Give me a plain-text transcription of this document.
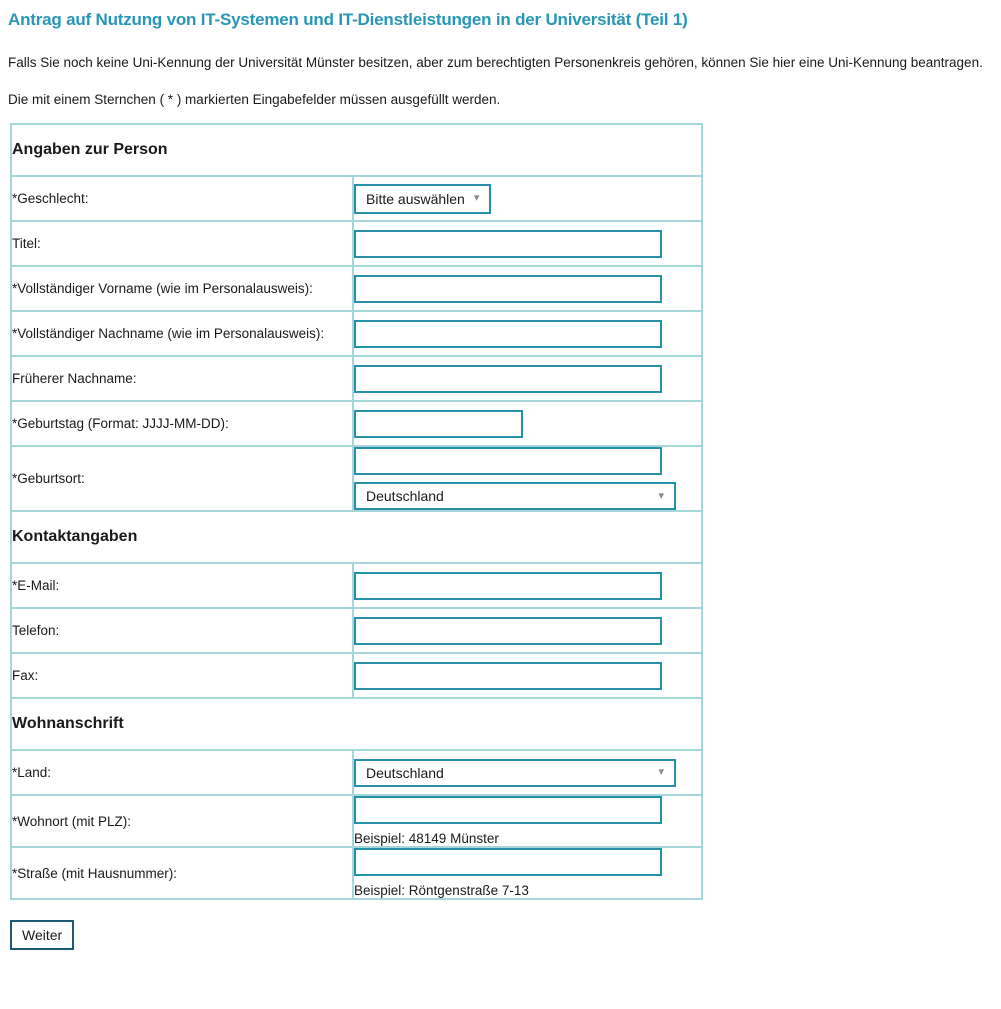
Antrag auf Nutzung von IT-Systemen und IT-Dienstleistungen in der Universität (Teil 1)

Falls Sie noch keine Uni-Kennung der Universität Münster besitzen, aber zum berechtigten Personenkreis gehören, können Sie hier eine Uni-Kennung beantragen.

Die mit einem Sternchen ( * ) markierten Eingabefelder müssen ausgefüllt werden.

Angaben zur Person	
*Geschlecht:	Bitte auswählen ▾

Titel:	

*Vollständiger Vorname (wie im Personalausweis):	

*Vollständiger Nachname (wie im Personalausweis):	

Früherer Nachname:	

*Geburtstag (Format: JJJJ-MM-DD):	

*Geburtsort:	Deutschland ▾

Kontaktangaben	
*E-Mail:	

Telefon:	

Fax:	

Wohnanschrift	
*Land:	Deutschland ▾

*Wohnort (mit PLZ):	Beispiel: 48149 Münster

*Straße (mit Hausnummer):	Beispiel: Röntgenstraße 7-13
Weiter
